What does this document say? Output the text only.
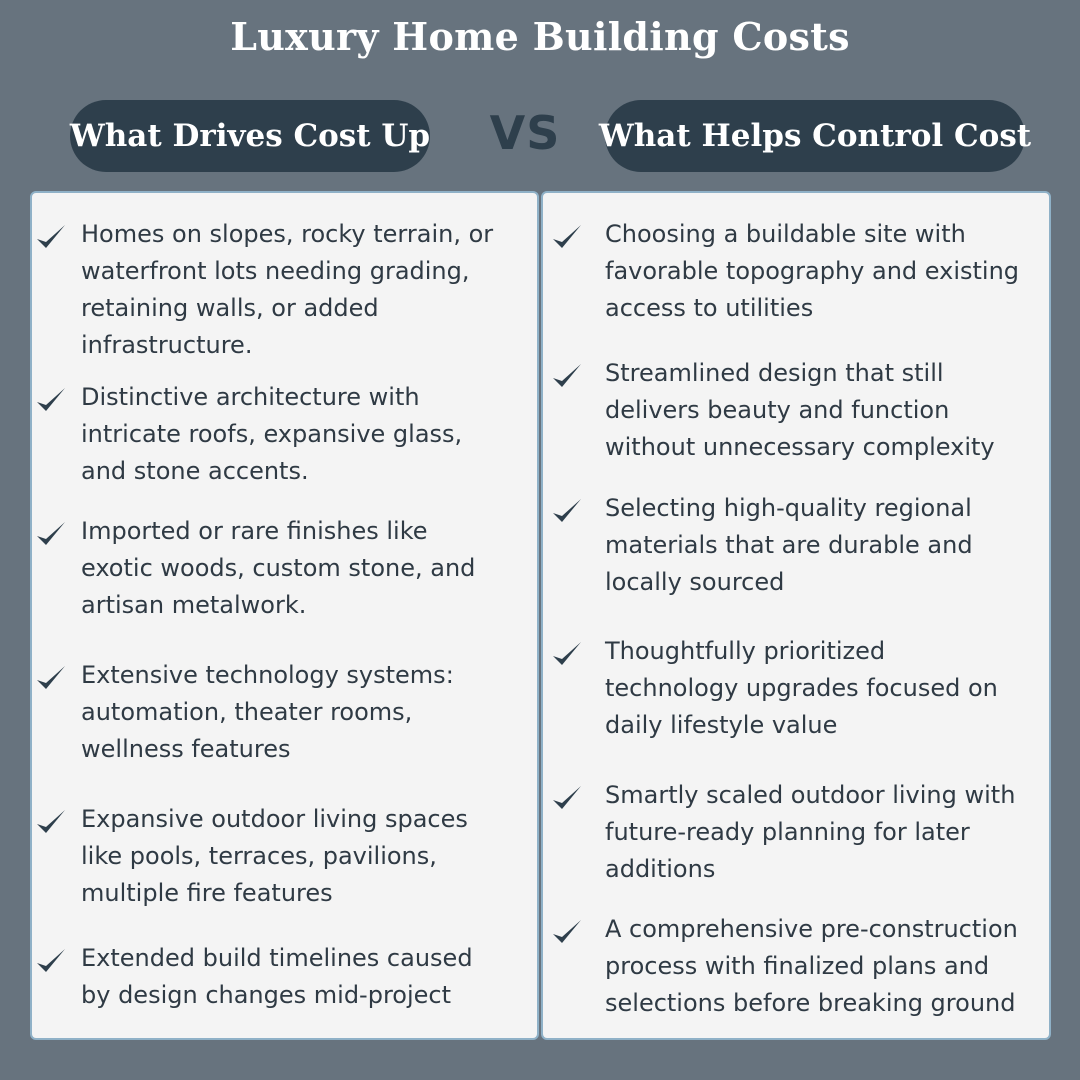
Luxury Home Building Costs
What Drives Cost Up	VS	What Helps Control Cost
Homes on slopes, rocky terrain, or
waterfront lots needing grading,
retaining walls, or added
infrastructure.
Distinctive architecture with
intricate roofs, expansive glass,
and stone accents.
Imported or rare finishes like
exotic woods, custom stone, and
artisan metalwork.
Extensive technology systems:
automation, theater rooms,
wellness features
Expansive outdoor living spaces
like pools, terraces, pavilions,
multiple fire features
Extended build timelines caused
by design changes mid-project
Choosing a buildable site with
favorable topography and existing
access to utilities
Streamlined design that still
delivers beauty and function
without unnecessary complexity
Selecting high-quality regional
materials that are durable and
locally sourced
Thoughtfully prioritized
technology upgrades focused on
daily lifestyle value
Smartly scaled outdoor living with
future-ready planning for later
additions
A comprehensive pre-construction
process with finalized plans and
selections before breaking ground
